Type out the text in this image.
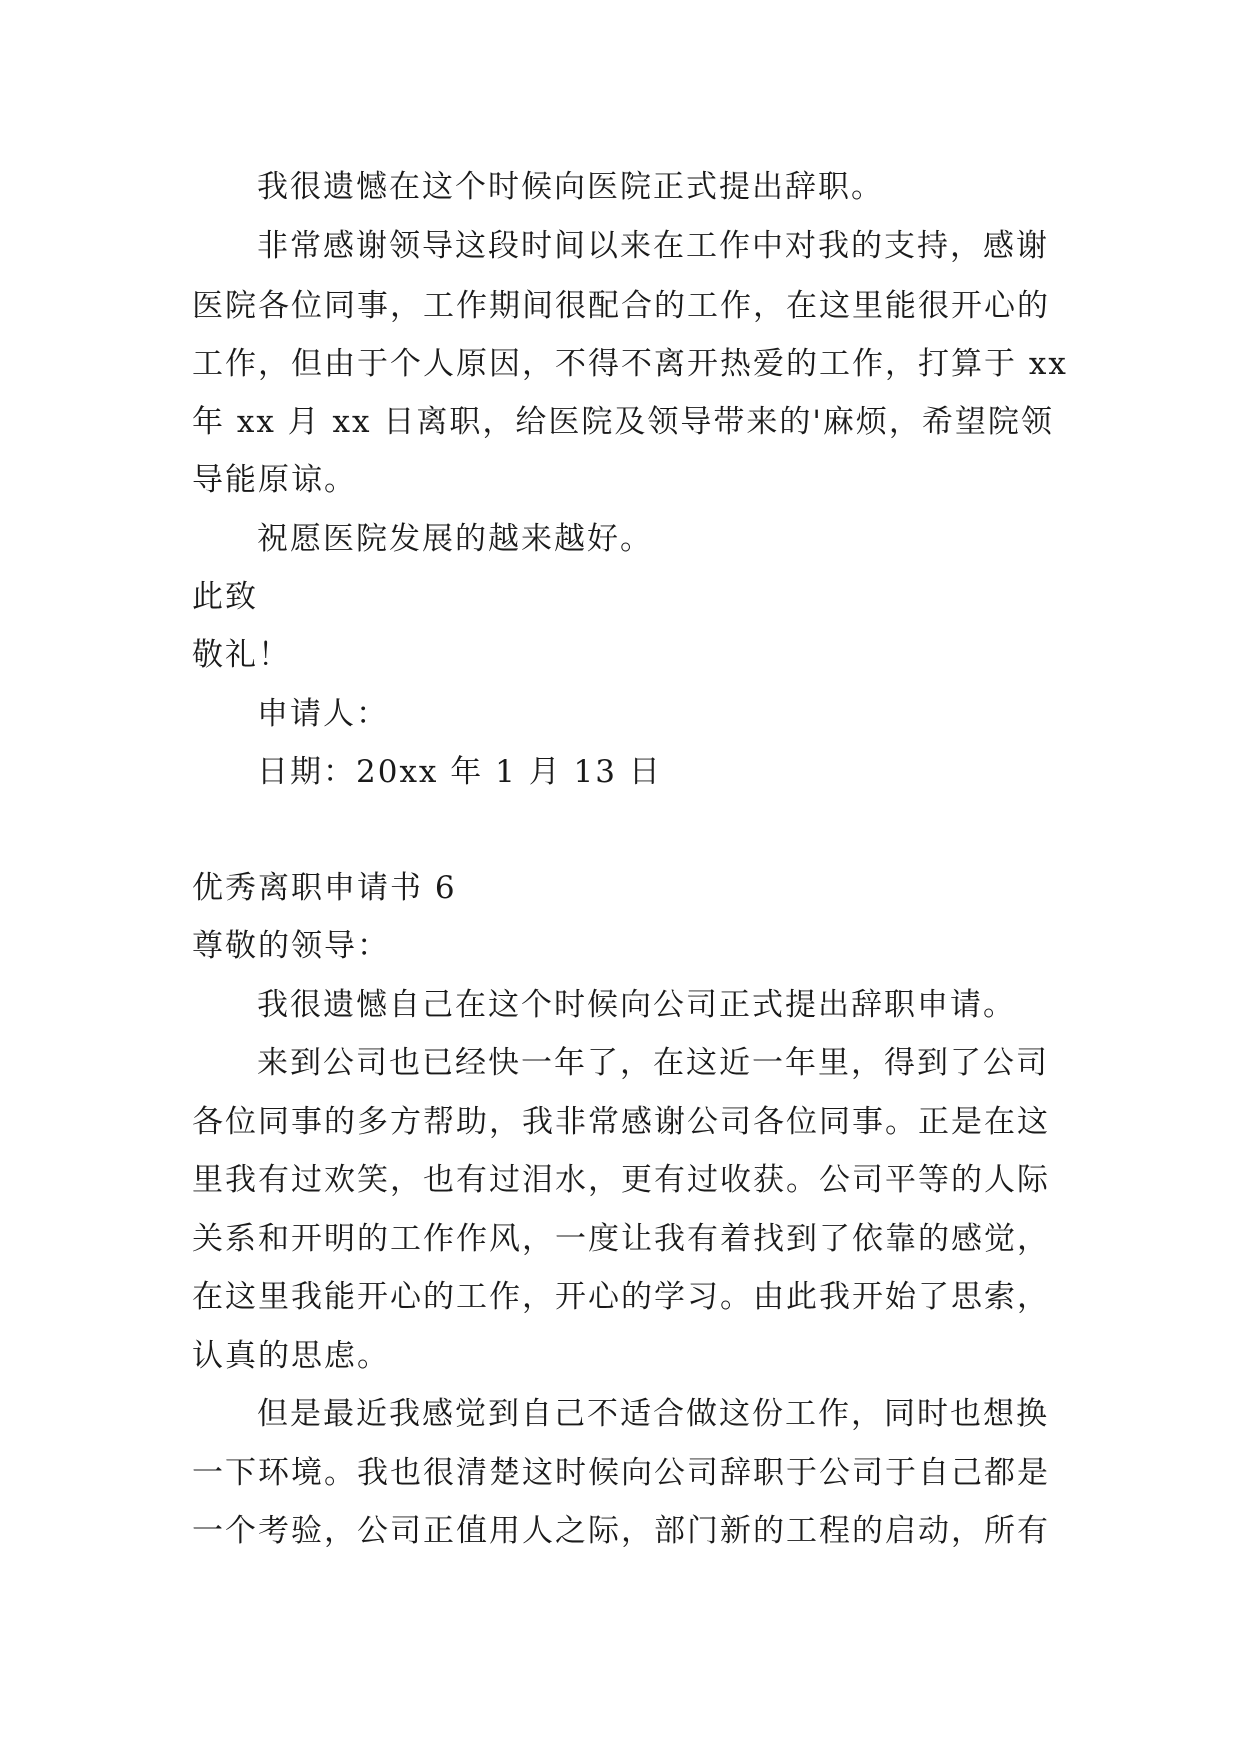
我很遗憾在这个时候向医院正式提出辞职。
非常感谢领导这段时间以来在工作中对我的支持，感谢
医院各位同事，工作期间很配合的工作，在这里能很开心的
工作，但由于个人原因，不得不离开热爱的工作，打算于 xx
年 xx 月 xx 日离职，给医院及领导带来的'麻烦，希望院领
导能原谅。
祝愿医院发展的越来越好。
此致
敬礼！
申请人：
日期：20xx 年 1 月 13 日
优秀离职申请书 6
尊敬的领导：
我很遗憾自己在这个时候向公司正式提出辞职申请。
来到公司也已经快一年了，在这近一年里，得到了公司
各位同事的多方帮助，我非常感谢公司各位同事。正是在这
里我有过欢笑，也有过泪水，更有过收获。公司平等的人际
关系和开明的工作作风，一度让我有着找到了依靠的感觉，
在这里我能开心的工作，开心的学习。由此我开始了思索，
认真的思虑。
但是最近我感觉到自己不适合做这份工作，同时也想换
一下环境。我也很清楚这时候向公司辞职于公司于自己都是
一个考验，公司正值用人之际，部门新的工程的启动，所有
